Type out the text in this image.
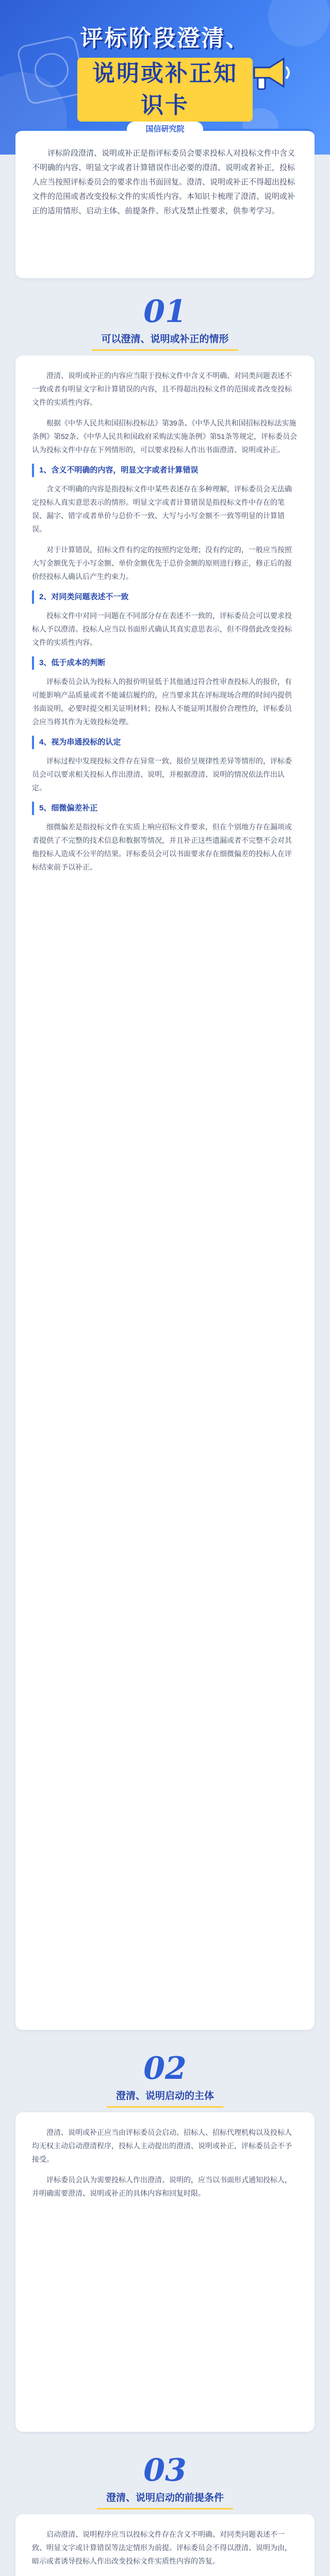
评标阶段澄清、
说明或补正知识卡
国信研究院

评标阶段澄清、说明或补正是指评标委员会要求投标人对投标文件中含义不明确的内容、明显文字或者计算错误作出必要的澄清、说明或者补正，投标人应当按照评标委员会的要求作出书面回复。澄清、说明或补正不得超出投标文件的范围或者改变投标文件的实质性内容。本知识卡梳理了澄清、说明或补正的适用情形、启动主体、前提条件、形式及禁止性要求，供参考学习。

01
可以澄清、说明或补正的情形

澄清、说明或补正的内容应当限于投标文件中含义不明确、对同类问题表述不一致或者有明显文字和计算错误的内容，且不得超出投标文件的范围或者改变投标文件的实质性内容。

根据《中华人民共和国招标投标法》第39条、《中华人民共和国招标投标法实施条例》第52条、《中华人民共和国政府采购法实施条例》第51条等规定，评标委员会认为投标文件中存在下列情形的，可以要求投标人作出书面澄清、说明或补正。

1、含义不明确的内容，明显文字或者计算错误

含义不明确的内容是指投标文件中某些表述存在多种理解，评标委员会无法确定投标人真实意思表示的情形。明显文字或者计算错误是指投标文件中存在的笔误、漏字、错字或者单价与总价不一致、大写与小写金额不一致等明显的计算错误。

对于计算错误，招标文件有约定的按照约定处理；没有约定的，一般应当按照大写金额优先于小写金额、单价金额优先于总价金额的原则进行修正，修正后的报价经投标人确认后产生约束力。

2、对同类问题表述不一致

投标文件中对同一问题在不同部分存在表述不一致的，评标委员会可以要求投标人予以澄清。投标人应当以书面形式确认其真实意思表示，但不得借此改变投标文件的实质性内容。

3、低于成本的判断

评标委员会认为投标人的报价明显低于其他通过符合性审查投标人的报价，有可能影响产品质量或者不能诚信履约的，应当要求其在评标现场合理的时间内提供书面说明，必要时提交相关证明材料；投标人不能证明其报价合理性的，评标委员会应当将其作为无效投标处理。

4、视为串通投标的认定

评标过程中发现投标文件存在异常一致、报价呈规律性差异等情形的，评标委员会可以要求相关投标人作出澄清、说明，并根据澄清、说明的情况依法作出认定。

5、细微偏差补正

细微偏差是指投标文件在实质上响应招标文件要求，但在个别地方存在漏项或者提供了不完整的技术信息和数据等情况，并且补正这些遗漏或者不完整不会对其他投标人造成不公平的结果。评标委员会可以书面要求存在细微偏差的投标人在评标结束前予以补正。

02
澄清、说明启动的主体

澄清、说明或补正应当由评标委员会启动。招标人、招标代理机构以及投标人均无权主动启动澄清程序，投标人主动提出的澄清、说明或补正，评标委员会不予接受。

评标委员会认为需要投标人作出澄清、说明的，应当以书面形式通知投标人，并明确需要澄清、说明或补正的具体内容和回复时限。

03
澄清、说明启动的前提条件

启动澄清、说明程序应当以投标文件存在含义不明确、对同类问题表述不一致、明显文字或计算错误等法定情形为前提。评标委员会不得以澄清、说明为由，暗示或者诱导投标人作出改变投标文件实质性内容的答复。
